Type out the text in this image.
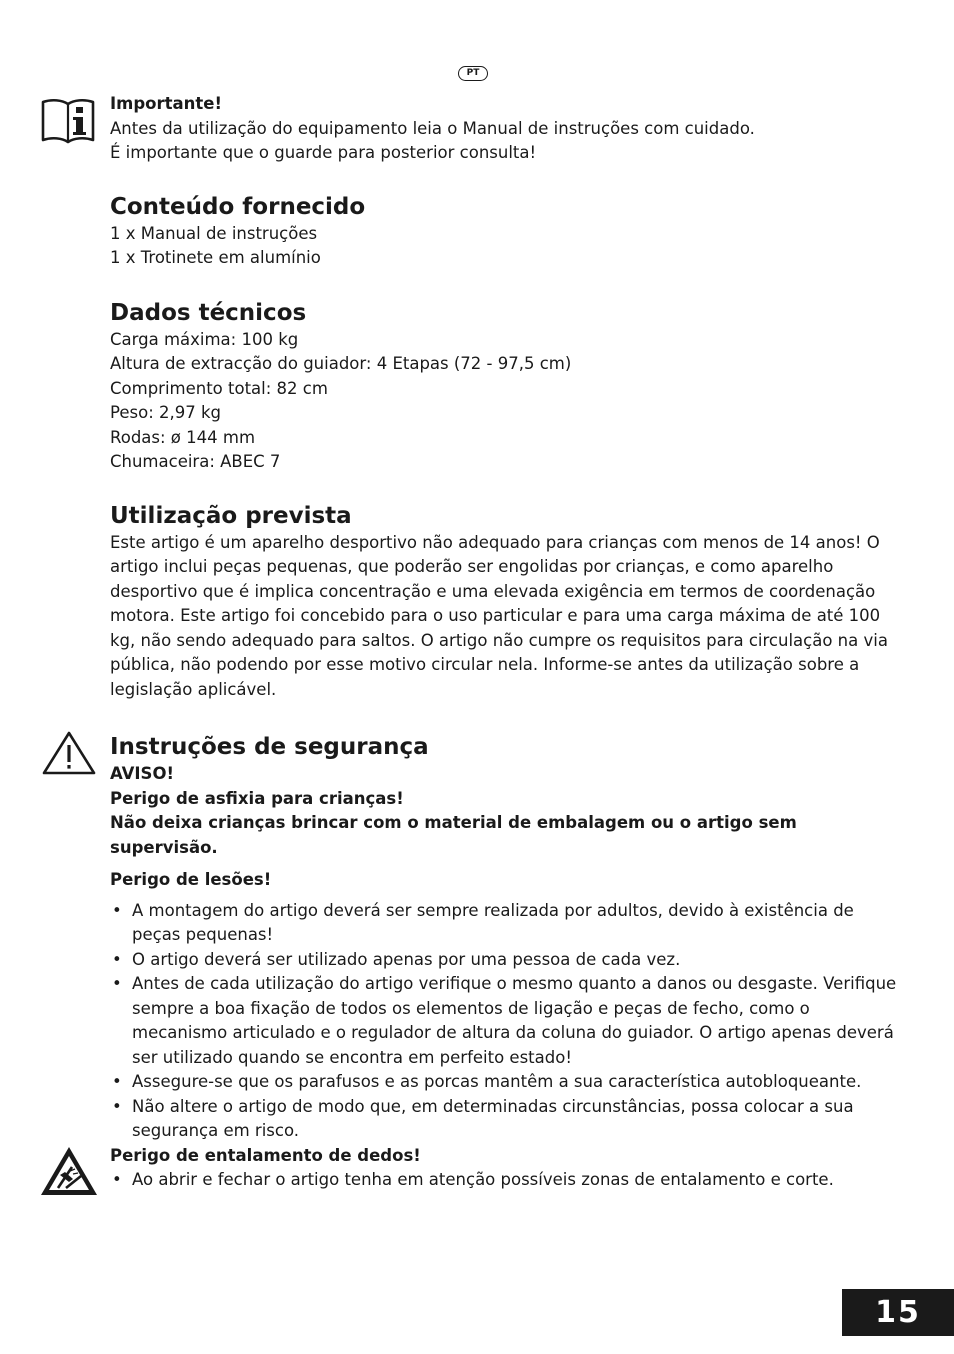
PT
Importante!
Antes da utilização do equipamento leia o Manual de instruções com cuidado.
É importante que o guarde para posterior consulta!
Conteúdo fornecido
1 x Manual de instruções
1 x Trotinete em alumínio
Dados técnicos
Carga máxima: 100 kg
Altura de extracção do guiador: 4 Etapas (72 - 97,5 cm)
Comprimento total: 82 cm
Peso: 2,97 kg
Rodas: ø 144 mm
Chumaceira: ABEC 7
Utilização prevista
Este artigo é um aparelho desportivo não adequado para crianças com menos de 14 anos! O artigo inclui peças pequenas, que poderão ser engolidas por crianças, e como aparelho desportivo que é implica concentração e uma elevada exigência em termos de coordenação motora. Este artigo foi concebido para o uso particular e para uma carga máxima de até 100 kg, não sendo adequado para saltos. O artigo não cumpre os requisitos para circulação na via pública, não podendo por esse motivo circular nela. Informe-se antes da utilização sobre a legislação aplicável.
Instruções de segurança
AVISO!
Perigo de asfixia para crianças!
Não deixa crianças brincar com o material de embalagem ou o artigo sem supervisão.
Perigo de lesões!
• A montagem do artigo deverá ser sempre realizada por adultos, devido à existência de peças pequenas!
• O artigo deverá ser utilizado apenas por uma pessoa de cada vez.
• Antes de cada utilização do artigo verifique o mesmo quanto a danos ou desgaste. Verifique sempre a boa fixação de todos os elementos de ligação e peças de fecho, como o mecanismo articulado e o regulador de altura da coluna do guiador. O artigo apenas deverá ser utilizado quando se encontra em perfeito estado!
• Assegure-se que os parafusos e as porcas mantêm a sua característica autobloqueante.
• Não altere o artigo de modo que, em determinadas circunstâncias, possa colocar a sua segurança em risco.
Perigo de entalamento de dedos!
• Ao abrir e fechar o artigo tenha em atenção possíveis zonas de entalamento e corte.
15
